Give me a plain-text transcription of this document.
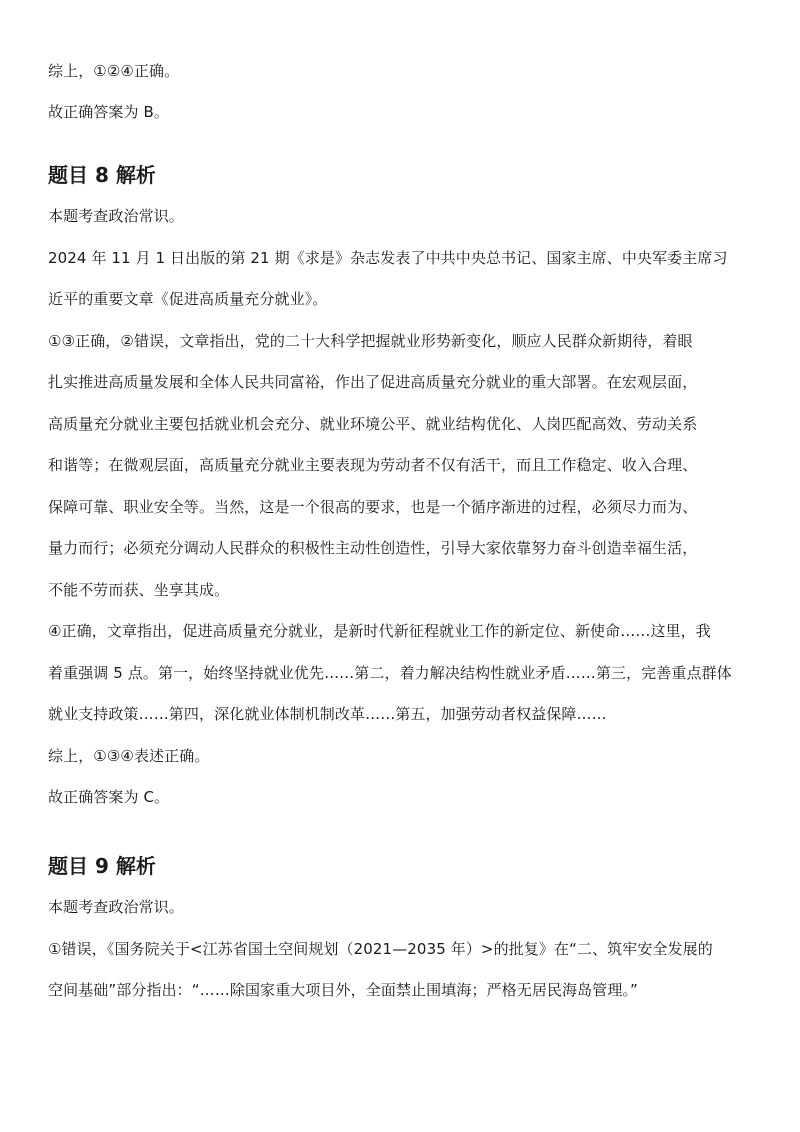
综上，①②④正确。
故正确答案为 B。
题目 8 解析
本题考查政治常识。
2024 年 11 月 1 日出版的第 21 期《求是》杂志发表了中共中央总书记、国家主席、中央军委主席习
近平的重要文章《促进高质量充分就业》。
①③正确，②错误，文章指出，党的二十大科学把握就业形势新变化，顺应人民群众新期待，着眼
扎实推进高质量发展和全体人民共同富裕，作出了促进高质量充分就业的重大部署。在宏观层面，
高质量充分就业主要包括就业机会充分、就业环境公平、就业结构优化、人岗匹配高效、劳动关系
和谐等；在微观层面，高质量充分就业主要表现为劳动者不仅有活干，而且工作稳定、收入合理、
保障可靠、职业安全等。当然，这是一个很高的要求，也是一个循序渐进的过程，必须尽力而为、
量力而行；必须充分调动人民群众的积极性主动性创造性，引导大家依靠努力奋斗创造幸福生活，
不能不劳而获、坐享其成。
④正确，文章指出，促进高质量充分就业，是新时代新征程就业工作的新定位、新使命……这里，我
着重强调 5 点。第一，始终坚持就业优先……第二，着力解决结构性就业矛盾……第三，完善重点群体
就业支持政策……第四，深化就业体制机制改革……第五，加强劳动者权益保障……
综上，①③④表述正确。
故正确答案为 C。
题目 9 解析
本题考查政治常识。
①错误，《国务院关于<江苏省国土空间规划（2021—2035 年）>的批复》在“二、筑牢安全发展的
空间基础”部分指出：“……除国家重大项目外，全面禁止围填海；严格无居民海岛管理。”
